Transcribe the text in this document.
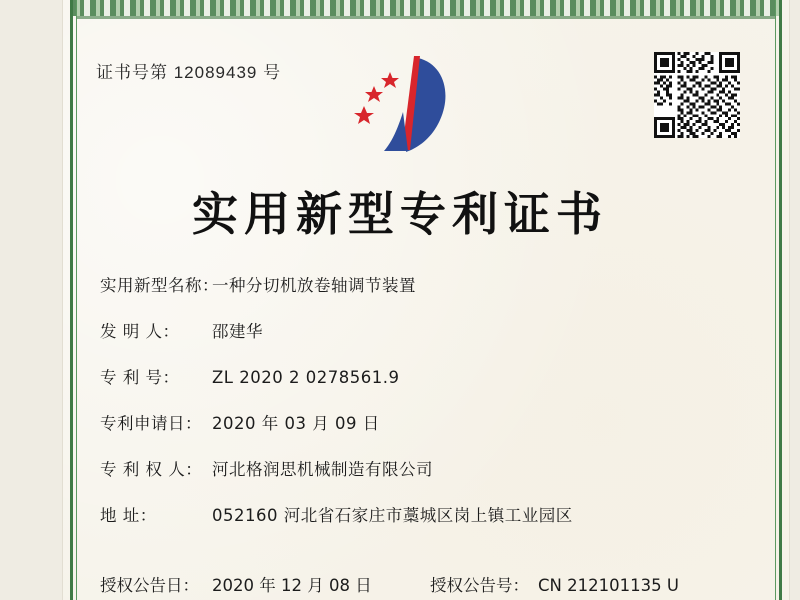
证书号第 12089439 号
实用新型专利证书
实用新型名称：
一种分切机放卷轴调节装置
发 明 人：	邵建华
专 利 号：	ZL 2020 2 0278561.9
专利申请日： 2020 年 03 月 09 日
专 利 权 人： 河北格润思机械制造有限公司
地 址：	052160 河北省石家庄市藁城区岗上镇工业园区
授权公告日： 2020 年 12 月 08 日	授权公告号： CN 212101135 U
